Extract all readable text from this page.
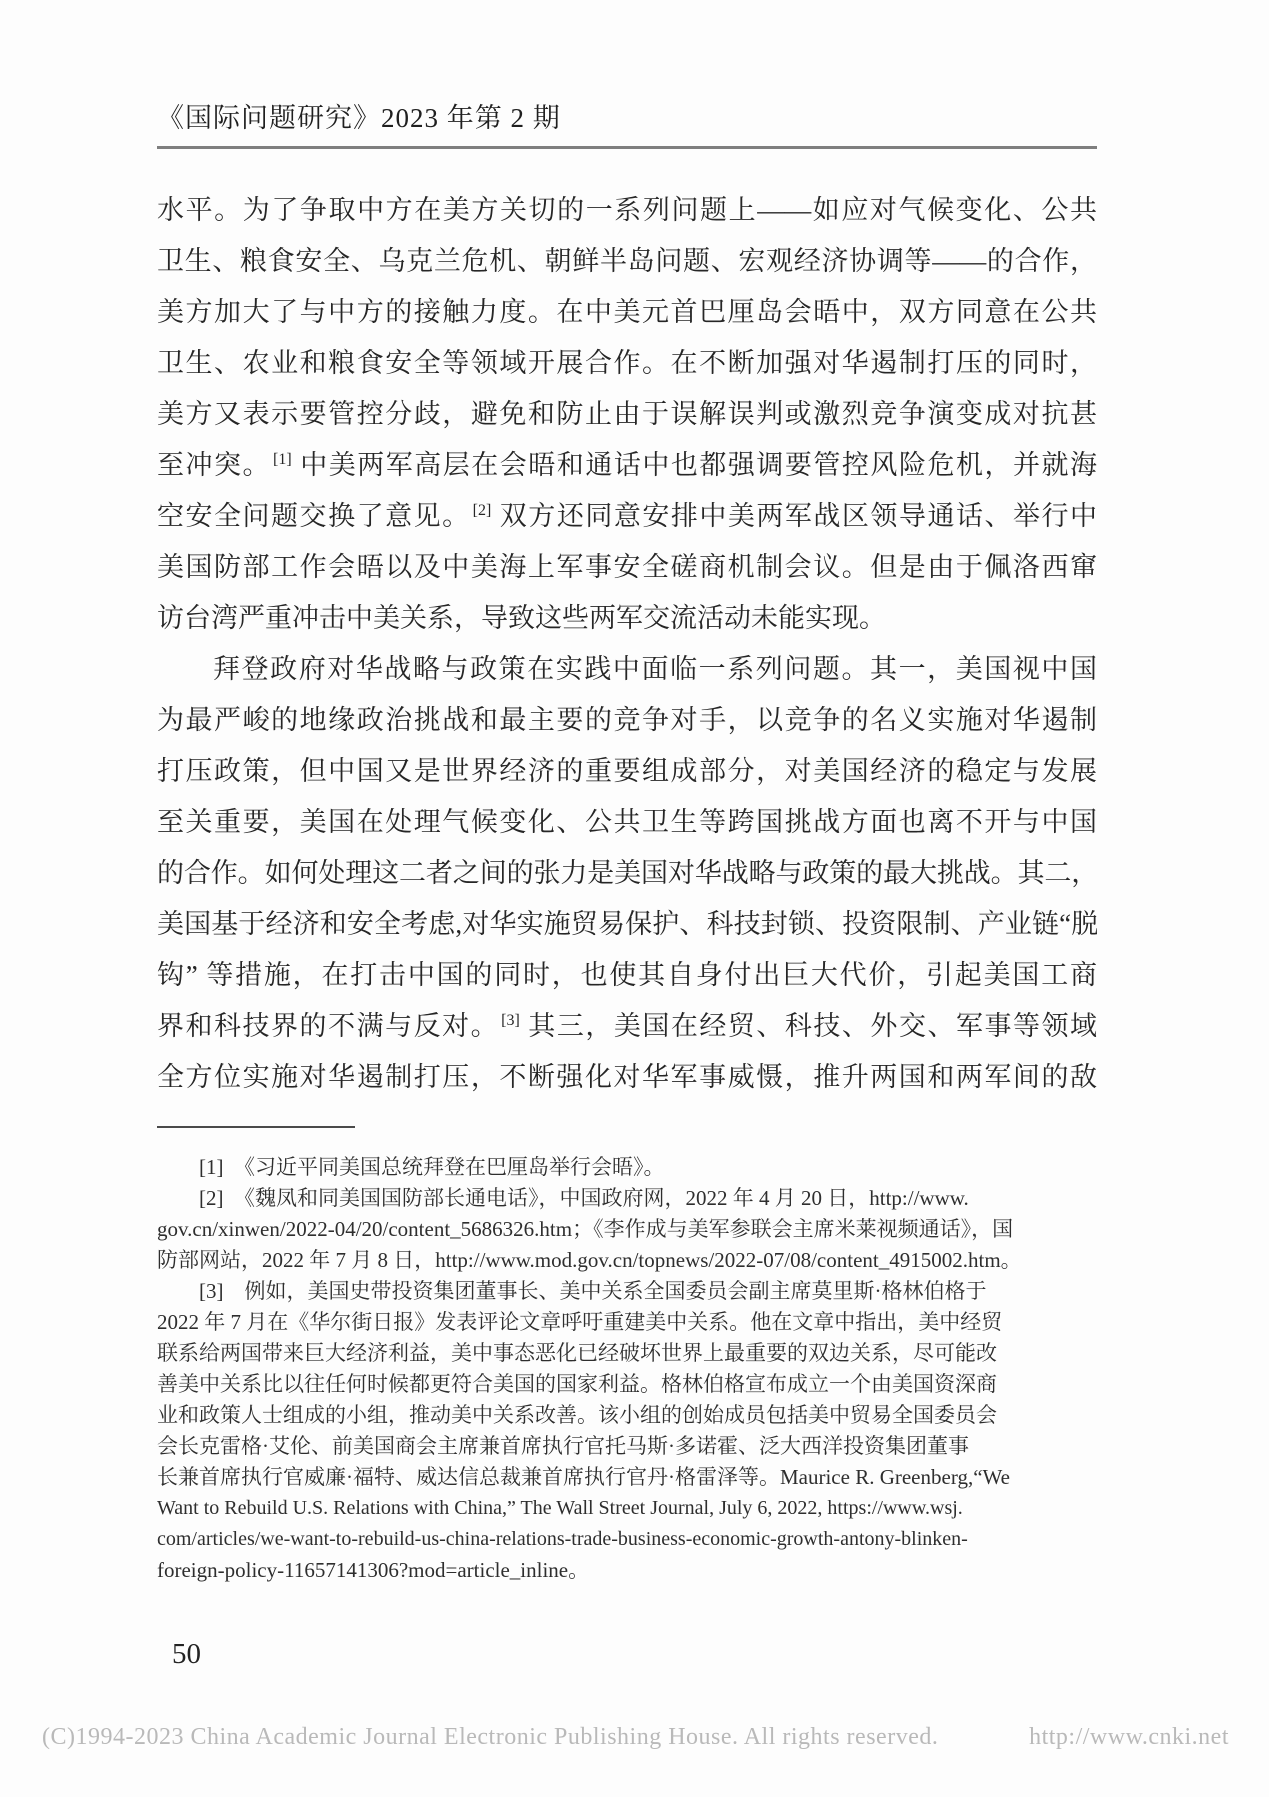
《国际问题研究》2023 年第 2 期
水平。为了争取中方在美方关切的一系列问题上——如应对气候变化、公共
卫生、粮食安全、乌克兰危机、朝鲜半岛问题、宏观经济协调等——的合作，
美方加大了与中方的接触力度。在中美元首巴厘岛会晤中，双方同意在公共
卫生、农业和粮食安全等领域开展合作。在不断加强对华遏制打压的同时，
美方又表示要管控分歧，避免和防止由于误解误判或激烈竞争演变成对抗甚
至冲突。 [1] 中美两军高层在会晤和通话中也都强调要管控风险危机，并就海
空安全问题交换了意见。 [2] 双方还同意安排中美两军战区领导通话、举行中
美国防部工作会晤以及中美海上军事安全磋商机制会议。但是由于佩洛西窜
访台湾严重冲击中美关系，导致这些两军交流活动未能实现。
拜登政府对华战略与政策在实践中面临一系列问题。其一，美国视中国
为最严峻的地缘政治挑战和最主要的竞争对手，以竞争的名义实施对华遏制
打压政策，但中国又是世界经济的重要组成部分，对美国经济的稳定与发展
至关重要，美国在处理气候变化、公共卫生等跨国挑战方面也离不开与中国
的合作。如何处理这二者之间的张力是美国对华战略与政策的最大挑战。其二，
美国基于经济和安全考虑,对华实施贸易保护、科技封锁、投资限制、产业链“脱
钩” 等措施，在打击中国的同时，也使其自身付出巨大代价，引起美国工商
界和科技界的不满与反对。 [3] 其三，美国在经贸、科技、外交、军事等领域
全方位实施对华遏制打压，不断强化对华军事威慑，推升两国和两军间的敌
[1]　《习近平同美国总统拜登在巴厘岛举行会晤》。
[2]　《魏凤和同美国国防部长通电话》，中国政府网，2022 年 4 月 20 日，http://www.
gov.cn/xinwen/2022-04/20/content_5686326.htm；《李作成与美军参联会主席米莱视频通话》，国
防部网站，2022 年 7 月 8 日，http://www.mod.gov.cn/topnews/2022-07/08/content_4915002.htm。
[3]　例如，美国史带投资集团董事长、美中关系全国委员会副主席莫里斯·格林伯格于
2022 年 7 月在《华尔街日报》发表评论文章呼吁重建美中关系。他在文章中指出，美中经贸
联系给两国带来巨大经济利益，美中事态恶化已经破坏世界上最重要的双边关系，尽可能改
善美中关系比以往任何时候都更符合美国的国家利益。格林伯格宣布成立一个由美国资深商
业和政策人士组成的小组，推动美中关系改善。该小组的创始成员包括美中贸易全国委员会
会长克雷格·艾伦、前美国商会主席兼首席执行官托马斯·多诺霍、泛大西洋投资集团董事
长兼首席执行官威廉·福特、威达信总裁兼首席执行官丹·格雷泽等。Maurice R. Greenberg,“We
Want to Rebuild U.S. Relations with China,” The Wall Street Journal, July 6, 2022, https://www.wsj.
com/articles/we-want-to-rebuild-us-china-relations-trade-business-economic-growth-antony-blinken-
foreign-policy-11657141306?mod=article_inline。
50
(C)1994-2023 China Academic Journal Electronic Publishing House. All rights reserved.	http://www.cnki.net
